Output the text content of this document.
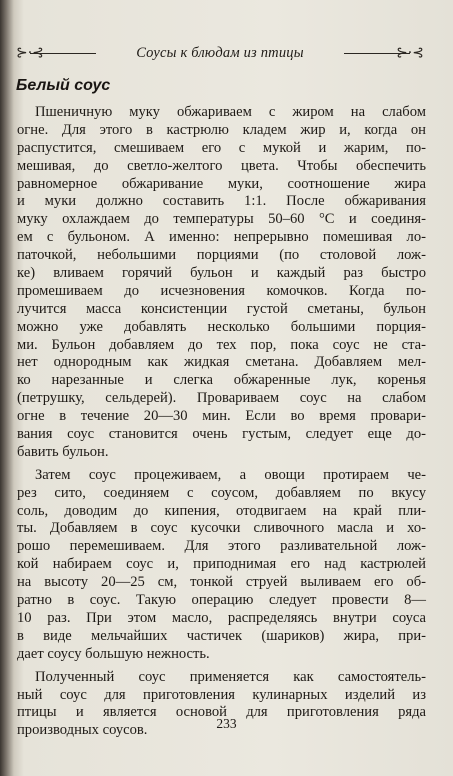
⊱·⊰	Соусы к блюдам из птицы	⊱·⊰
Белый соус
Пшеничную муку обжариваем с жиром на слабом
огне. Для этого в кастрюлю кладем жир и, когда он
распустится, смешиваем его с мукой и жарим, по-
мешивая, до светло-желтого цвета. Чтобы обеспечить
равномерное обжаривание муки, соотношение жира
и муки должно составить 1:1. После обжаривания
муку охлаждаем до температуры 50–60 °С и соединя-
ем с бульоном. А именно: непрерывно помешивая ло-
паточкой, небольшими порциями (по столовой лож-
ке) вливаем горячий бульон и каждый раз быстро
промешиваем до исчезновения комочков. Когда по-
лучится масса консистенции густой сметаны, бульон
можно уже добавлять несколько большими порция-
ми. Бульон добавляем до тех пор, пока соус не ста-
нет однородным как жидкая сметана. Добавляем мел-
ко нарезанные и слегка обжаренные лук, коренья
(петрушку, сельдерей). Провариваем соус на слабом
огне в течение 20—30 мин. Если во время провари-
вания соус становится очень густым, следует еще до-
бавить бульон.
Затем соус процеживаем, а овощи протираем че-
рез сито, соединяем с соусом, добавляем по вкусу
соль, доводим до кипения, отодвигаем на край пли-
ты. Добавляем в соус кусочки сливочного масла и хо-
рошо перемешиваем. Для этого разливательной лож-
кой набираем соус и, приподнимая его над кастрюлей
на высоту 20—25 см, тонкой струей выливаем его об-
ратно в соус. Такую операцию следует провести 8—
10 раз. При этом масло, распределяясь внутри соуса
в виде мельчайших частичек (шариков) жира, при-
дает соусу большую нежность.
Полученный соус применяется как самостоятель-
ный соус для приготовления кулинарных изделий из
птицы и является основой для приготовления ряда
производных соусов.	233
